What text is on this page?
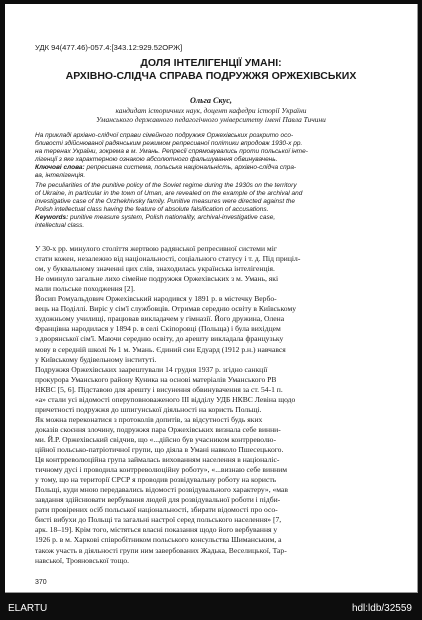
УДК 94(477.46)-057.4:[343.12:929.52ОРЖ]
ДОЛЯ ІНТЕЛІГЕНЦІЇ УМАНІ:
АРХІВНО-СЛІДЧА СПРАВА ПОДРУЖЖЯ ОРЖЕХІВСЬКИХ
Ольга Скус,
кандидат історичних наук, доцент кафедри історії України
Уманського державного педагогічного університету імені Павла Тичини
На прикладі архівно-слідчої справи сімейного подружжя Оржехівських розкрито осо-
бливості здійснюваної радянським режимом репресивної політики впродовж 1930-х рр.
на теренах України, зокрема в м. Умань. Репресії спрямовувались проти польської інте-
лігенції з яке характерною ознакою абсолютного фальшування обвинувачень.
Ключові слова: репресивна система, польська національність, архівно-слідча спра-
ва, інтелігенція.
The peculiarities of the punitive policy of the Soviet regime during the 1930s on the territory
of Ukraine, in particular in the town of Uman, are revealed on the example of the archival and
investigative case of the Orzhekhivsky family. Punitive measures were directed against the
Polish intellectual class having the feature of absolute falsification of accusations.
Keywords: punitive measure system, Polish nationality, archival-investigative case,
intellectual class.
У 30-х рр. минулого століття жертвою радянської репресивної системи міг
стати кожен, незалежно від національності, соціального статусу і т. д. Під приціл-
ом, у буквальному значенні цих слів, знаходилась українська інтелігенція.
Не оминуло загальне лихо сімейне подружжя Оржехівських з м. Умань, які
мали польське походження [2].
Йосип Ромуальдович Оржехівський народився у 1891 р. в містечку Вербо-
вець на Поділлі. Виріс у сім'ї службовців. Отримав середню освіту в Київському
художньому училищі, працював викладачем у гімназії. Його дружина, Олена
Францівна народилася у 1894 р. в селі Скіпоровці (Польща) і була вихідцем
з дворянської сім'ї. Маючи середню освіту, до арешту викладала французьку
мову в середній школі № 1 м. Умань. Єдиний син Едуард (1912 р.н.) навчався
у Київському будівельному інституті.
Подружжя Оржехівських заарештували 14 грудня 1937 р. згідно санкції
прокурора Уманського району Куника на основі матеріалів Уманського РВ
НКВС [5, 6]. Підставою для арешту і висунення обвинувачення за ст. 54-1 п.
«а» стали усі відомості оперуповноваженого ІІІ відділу УДБ НКВС Левіна щодо
причетності подружжя до шпигунської діяльності на користь Польщі.
Як можна переконатися з протоколів допитів, за відсутності будь яких
доказів скоєння злочину, подружжя пара Оржехівських визнала себе винни-
ми. Й.Р. Оржехівський свідчив, що «...дійсно був учасником контрреволю-
ційної польсько-патріотичної групи, що діяла в Умані навколо Пшесецького.
Ця контрреволюційна група займалась вихованням населення в націоналіс-
тичному дусі і проводила контрреволюційну роботу», «...визнаю себе винним
у тому, що на території СРСР я проводив розвідувальну роботу на користь
Польщі, куди мною передавались відомості розвідувального характеру», «мав
завдання здійснювати вербування людей для розвідувальної роботи і підби-
рати провірених осіб польської національності, збирати відомості про осо-
бисті вибухи до Польщі та загальні настрої серед польського населення» [7,
арк. 18–19]. Крім того, містяться власні показання щодо його вербування у
1926 р. в м. Харкові співробітником польського консульства Шиманським, а
також участь в діяльності групи ним завербованих Жадька, Веселицької, Тар-
навської, Трояновської тощо.
370
ELARTU	hdl:ldb/32559
